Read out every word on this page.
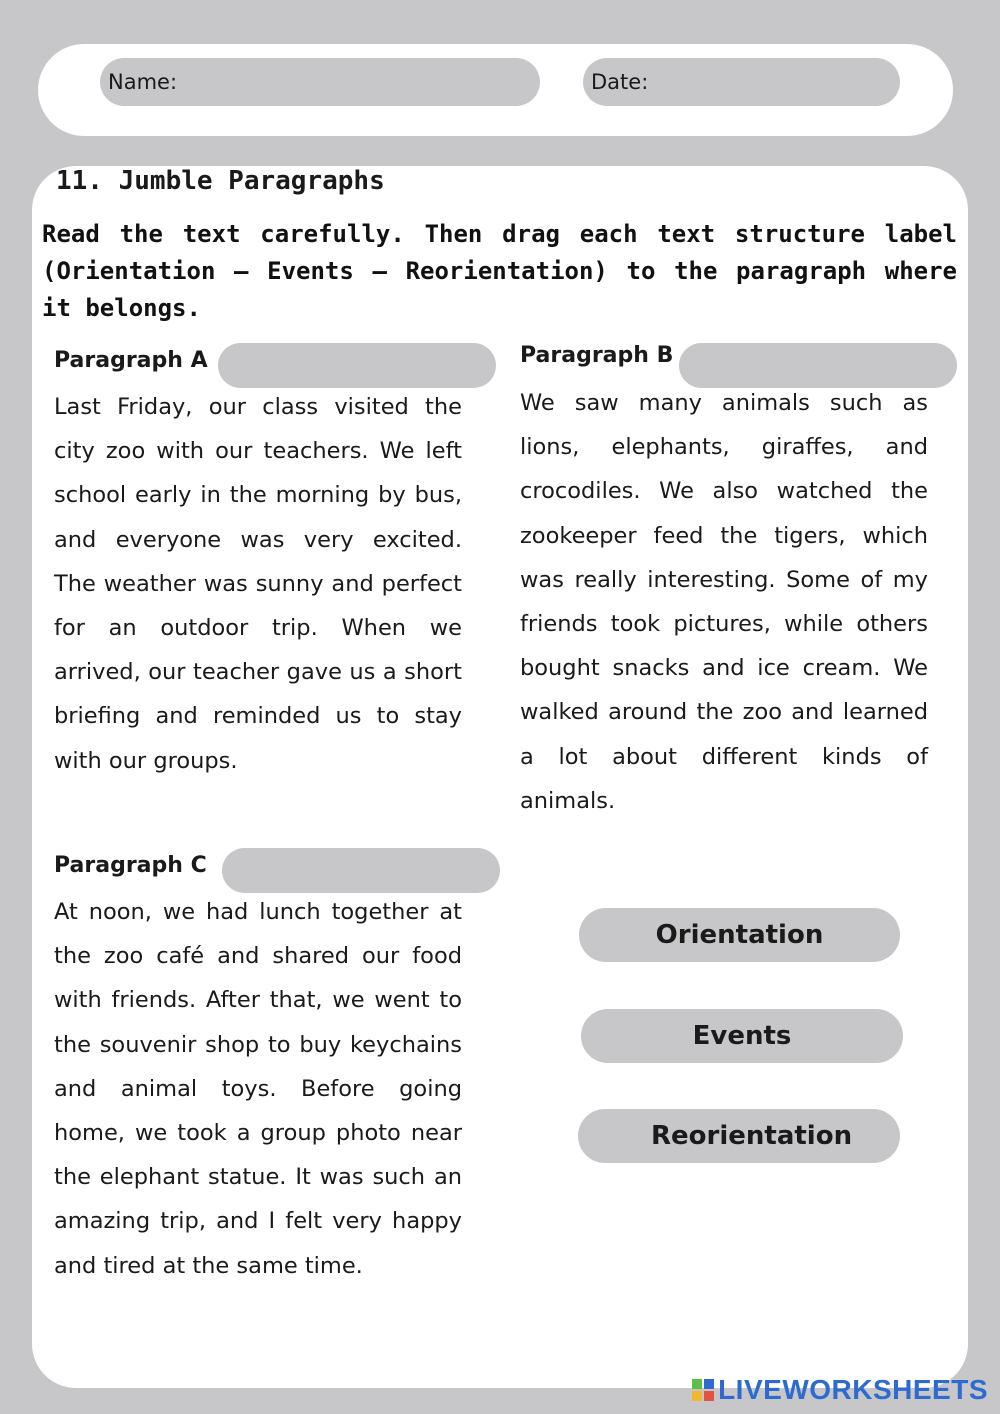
Name:	Date:
11. Jumble Paragraphs
Read the text carefully. Then drag each text structure label (Orientation – Events – Reorientation) to the paragraph where it belongs.
Paragraph A
Last Friday, our class visited the city zoo with our teachers. We left school early in the morning by bus, and everyone was very excited. The weather was sunny and perfect for an outdoor trip. When we arrived, our teacher gave us a short briefing and reminded us to stay with our groups.
Paragraph B
We saw many animals such as lions, elephants, giraffes, and crocodiles. We also watched the zookeeper feed the tigers, which was really interesting. Some of my friends took pictures, while others bought snacks and ice cream. We walked around the zoo and learned a lot about different kinds of animals.
Paragraph C
At noon, we had lunch together at the zoo café and shared our food with friends. After that, we went to the souvenir shop to buy keychains and animal toys. Before going home, we took a group photo near the elephant statue. It was such an amazing trip, and I felt very happy and tired at the same time.
Orientation
Events
Reorientation
LIVEWORKSHEETS
